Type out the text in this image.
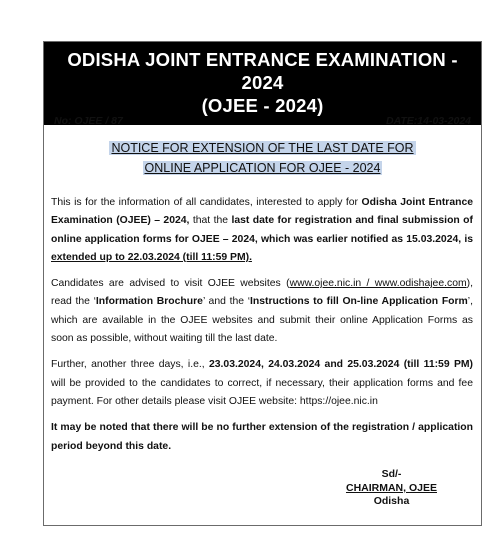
ODISHA JOINT ENTRANCE EXAMINATION - 2024
(OJEE - 2024)
No: OJEE / 87	DATE:14-03-2024
NOTICE FOR EXTENSION OF THE LAST DATE FOR
ONLINE APPLICATION FOR OJEE - 2024

This is for the information of all candidates, interested to apply for Odisha Joint Entrance Examination (OJEE) – 2024, that the last date for registration and final submission of online application forms for OJEE – 2024, which was earlier notified as 15.03.2024, is extended up to 22.03.2024 (till 11:59 PM).

Candidates are advised to visit OJEE websites (www.ojee.nic.in / www.odishajee.com), read the ‘Information Brochure’ and the ‘Instructions to fill On-line Application Form’, which are available in the OJEE websites and submit their online Application Forms as soon as possible, without waiting till the last date.

Further, another three days, i.e., 23.03.2024, 24.03.2024 and 25.03.2024 (till 11:59 PM) will be provided to the candidates to correct, if necessary, their application forms and fee payment. For other details please visit OJEE website: https://ojee.nic.in

It may be noted that there will be no further extension of the registration / application period beyond this date.

Sd/-
CHAIRMAN, OJEE
Odisha
